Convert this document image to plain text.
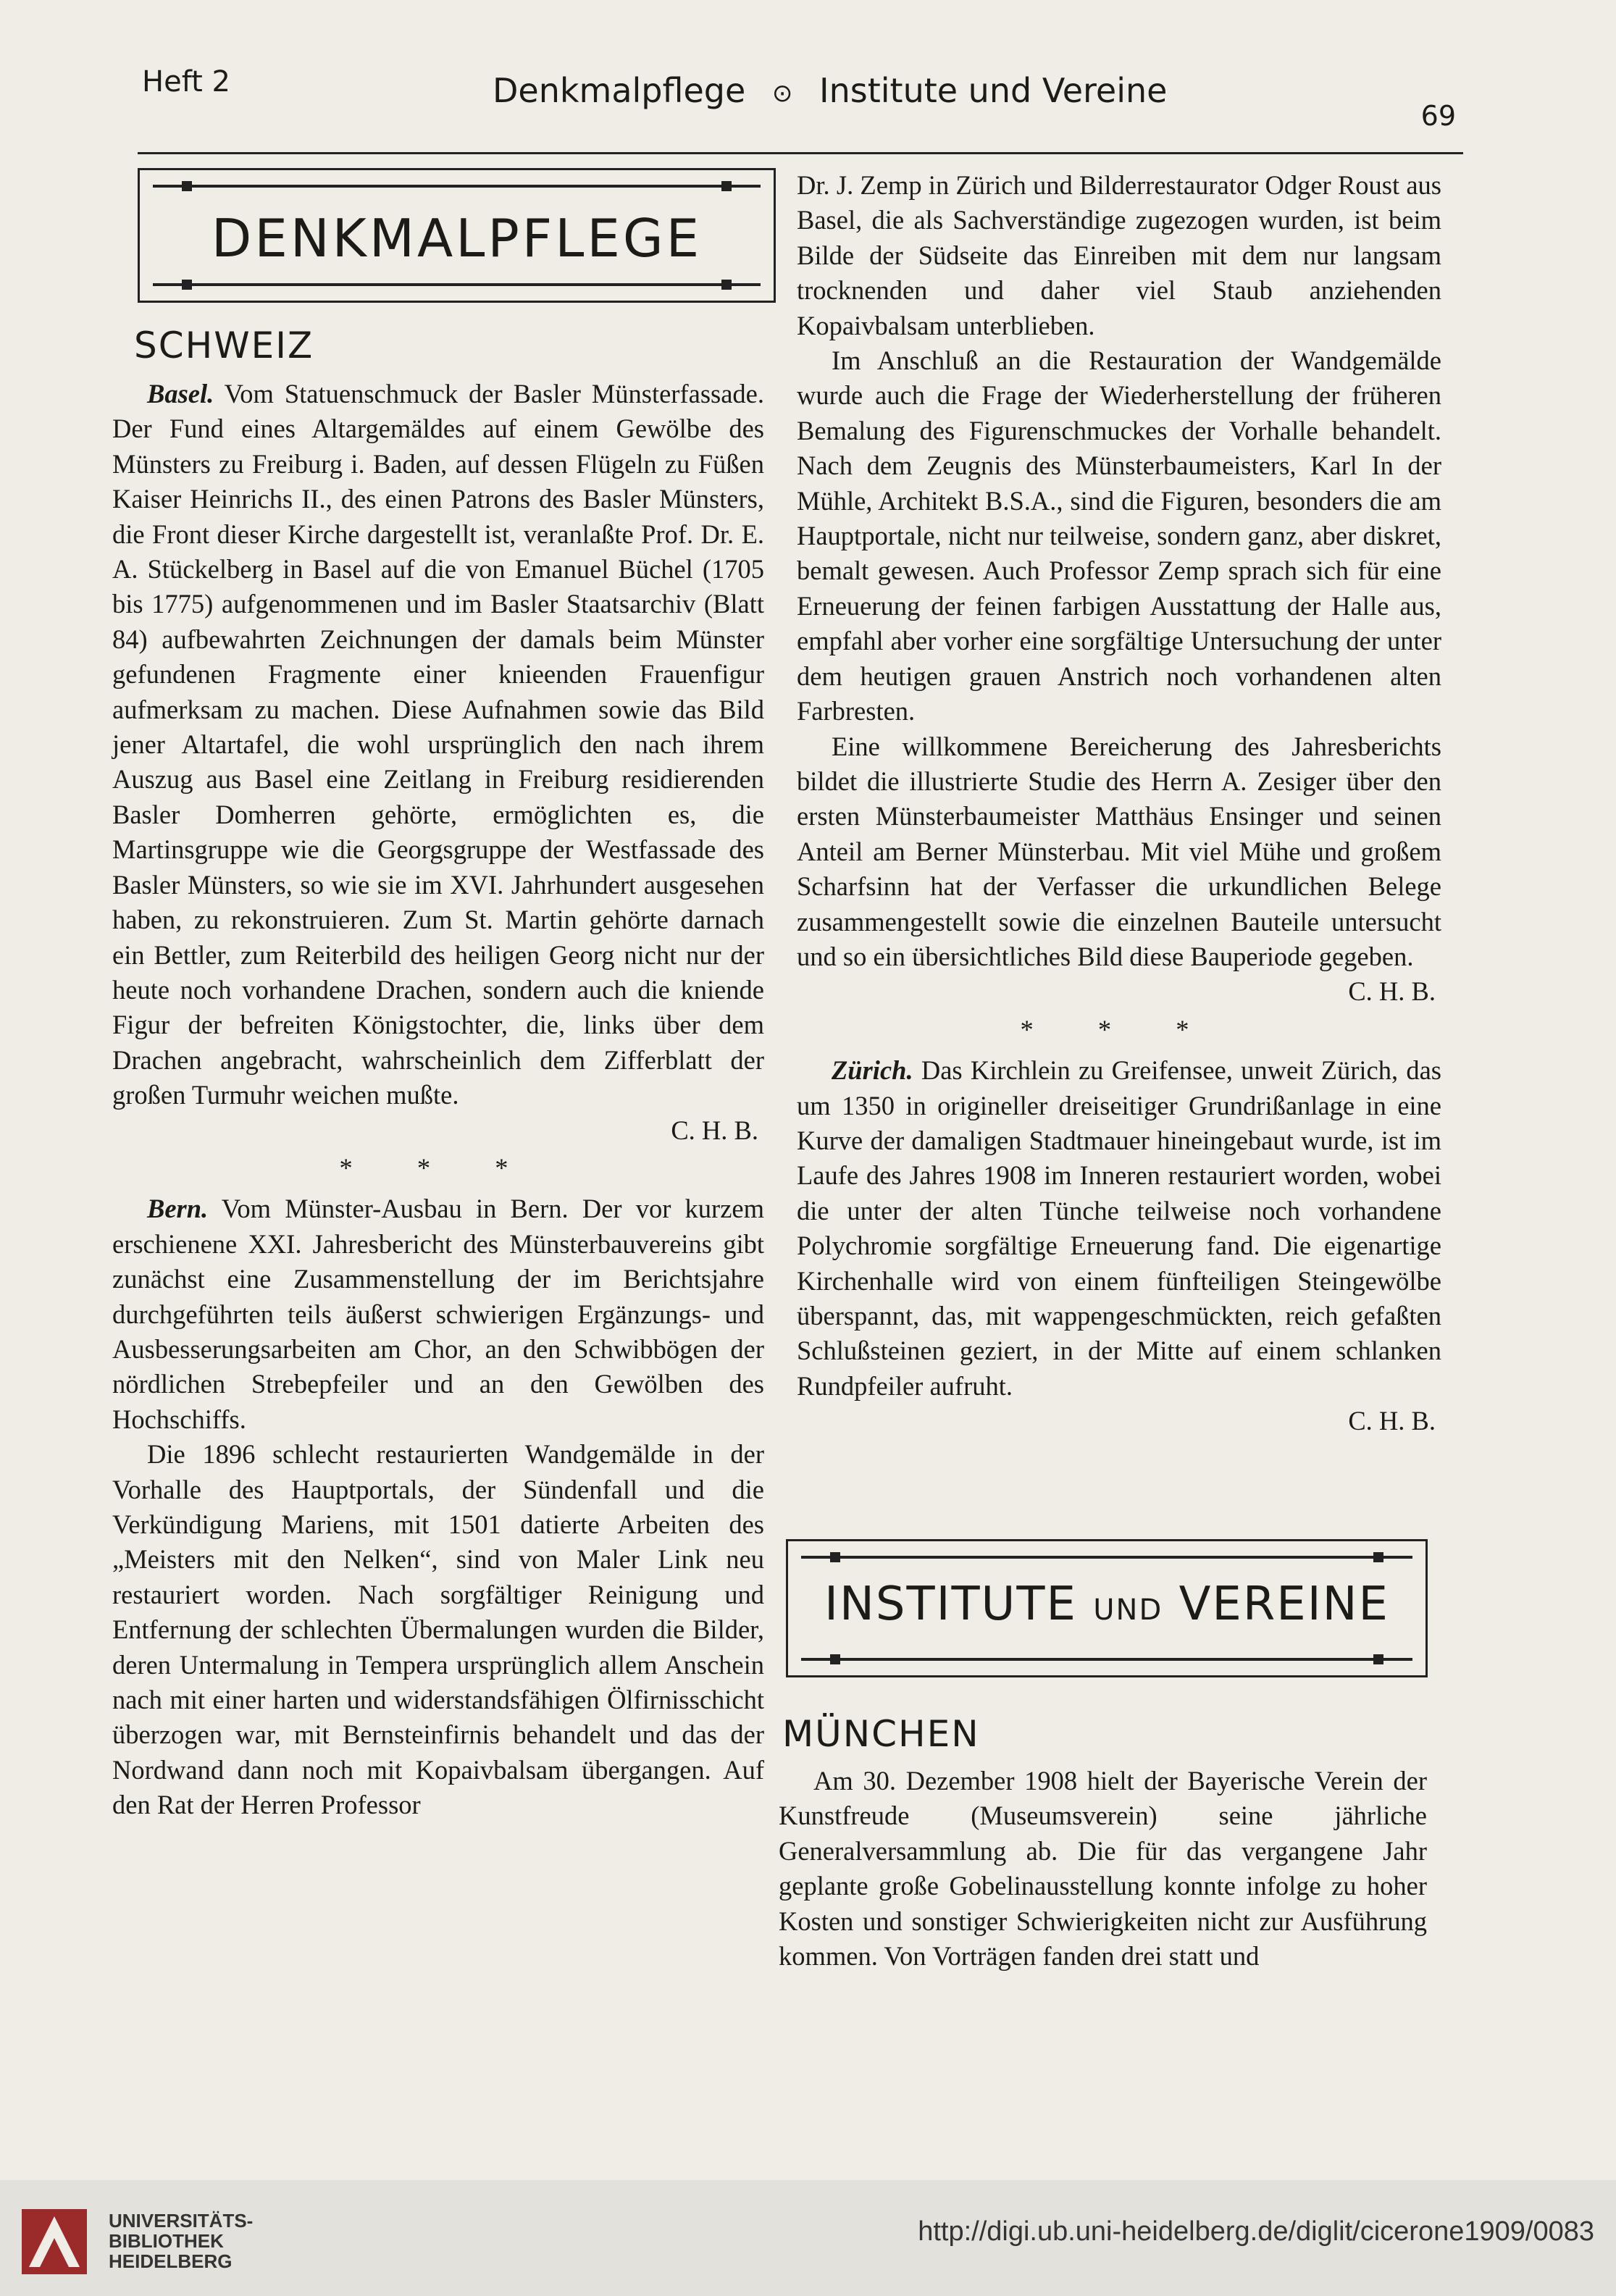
Heft 2	Denkmalpflege ⊙ Institute und Vereine
69
DENKMALPFLEGE
SCHWEIZ

Basel. Vom Statuenschmuck der Basler Münsterfassade. Der Fund eines Altargemäldes auf einem Gewölbe des Münsters zu Freiburg i. Baden, auf dessen Flügeln zu Füßen Kaiser Heinrichs II., des einen Patrons des Basler Münsters, die Front dieser Kirche dargestellt ist, veranlaßte Prof. Dr. E. A. Stückelberg in Basel auf die von Emanuel Büchel (1705 bis 1775) aufgenommenen und im Basler Staatsarchiv (Blatt 84) aufbewahrten Zeichnungen der damals beim Münster gefundenen Fragmente einer knieenden Frauenfigur aufmerksam zu machen. Diese Aufnahmen sowie das Bild jener Altartafel, die wohl ursprünglich den nach ihrem Auszug aus Basel eine Zeitlang in Freiburg residierenden Basler Domherren gehörte, ermöglichten es, die Martinsgruppe wie die Georgsgruppe der Westfassade des Basler Münsters, so wie sie im XVI. Jahrhundert ausgesehen haben, zu rekonstruieren. Zum St. Martin gehörte darnach ein Bettler, zum Reiterbild des heiligen Georg nicht nur der heute noch vorhandene Drachen, sondern auch die kniende Figur der befreiten Königstochter, die, links über dem Drachen angebracht, wahrscheinlich dem Zifferblatt der großen Turmuhr weichen mußte.

C. H. B.

* * *

Bern. Vom Münster-Ausbau in Bern. Der vor kurzem erschienene XXI. Jahresbericht des Münsterbauvereins gibt zunächst eine Zusammenstellung der im Berichtsjahre durchgeführten teils äußerst schwierigen Ergänzungs- und Ausbesserungsarbeiten am Chor, an den Schwibbögen der nördlichen Strebepfeiler und an den Gewölben des Hochschiffs.

Die 1896 schlecht restaurierten Wandgemälde in der Vorhalle des Hauptportals, der Sündenfall und die Verkündigung Mariens, mit 1501 datierte Arbeiten des „Meisters mit den Nelken“, sind von Maler Link neu restauriert worden. Nach sorgfältiger Reinigung und Entfernung der schlechten Übermalungen wurden die Bilder, deren Untermalung in Tempera ursprünglich allem Anschein nach mit einer harten und widerstandsfähigen Ölfirnisschicht überzogen war, mit Bernsteinfirnis behandelt und das der Nordwand dann noch mit Kopaivbalsam übergangen. Auf den Rat der Herren Professor

Dr. J. Zemp in Zürich und Bilderrestaurator Odger Roust aus Basel, die als Sachverständige zugezogen wurden, ist beim Bilde der Südseite das Einreiben mit dem nur langsam trocknenden und daher viel Staub anziehenden Kopaivbalsam unterblieben.

Im Anschluß an die Restauration der Wandgemälde wurde auch die Frage der Wiederherstellung der früheren Bemalung des Figurenschmuckes der Vorhalle behandelt. Nach dem Zeugnis des Münsterbaumeisters, Karl In der Mühle, Architekt B.S.A., sind die Figuren, besonders die am Hauptportale, nicht nur teilweise, sondern ganz, aber diskret, bemalt gewesen. Auch Professor Zemp sprach sich für eine Erneuerung der feinen farbigen Ausstattung der Halle aus, empfahl aber vorher eine sorgfältige Untersuchung der unter dem heutigen grauen Anstrich noch vorhandenen alten Farbresten.

Eine willkommene Bereicherung des Jahresberichts bildet die illustrierte Studie des Herrn A. Zesiger über den ersten Münsterbaumeister Matthäus Ensinger und seinen Anteil am Berner Münsterbau. Mit viel Mühe und großem Scharfsinn hat der Verfasser die urkundlichen Belege zusammengestellt sowie die einzelnen Bauteile untersucht und so ein übersichtliches Bild diese Bauperiode gegeben.

C. H. B.

* * *

Zürich. Das Kirchlein zu Greifensee, unweit Zürich, das um 1350 in origineller dreiseitiger Grundrißanlage in eine Kurve der damaligen Stadtmauer hineingebaut wurde, ist im Laufe des Jahres 1908 im Inneren restauriert worden, wobei die unter der alten Tünche teilweise noch vorhandene Polychromie sorgfältige Erneuerung fand. Die eigenartige Kirchenhalle wird von einem fünfteiligen Steingewölbe überspannt, das, mit wappengeschmückten, reich gefaßten Schlußsteinen geziert, in der Mitte auf einem schlanken Rundpfeiler aufruht.

C. H. B.

INSTITUTE UND VEREINE
MÜNCHEN

Am 30. Dezember 1908 hielt der Bayerische Verein der Kunstfreude (Museumsverein) seine jährliche Generalversammlung ab. Die für das vergangene Jahr geplante große Gobelinausstellung konnte infolge zu hoher Kosten und sonstiger Schwierigkeiten nicht zur Ausführung kommen. Von Vorträgen fanden drei statt und

UNIVERSITÄTS-
BIBLIOTHEK
HEIDELBERG
http://digi.ub.uni-heidelberg.de/diglit/cicerone1909/0083
